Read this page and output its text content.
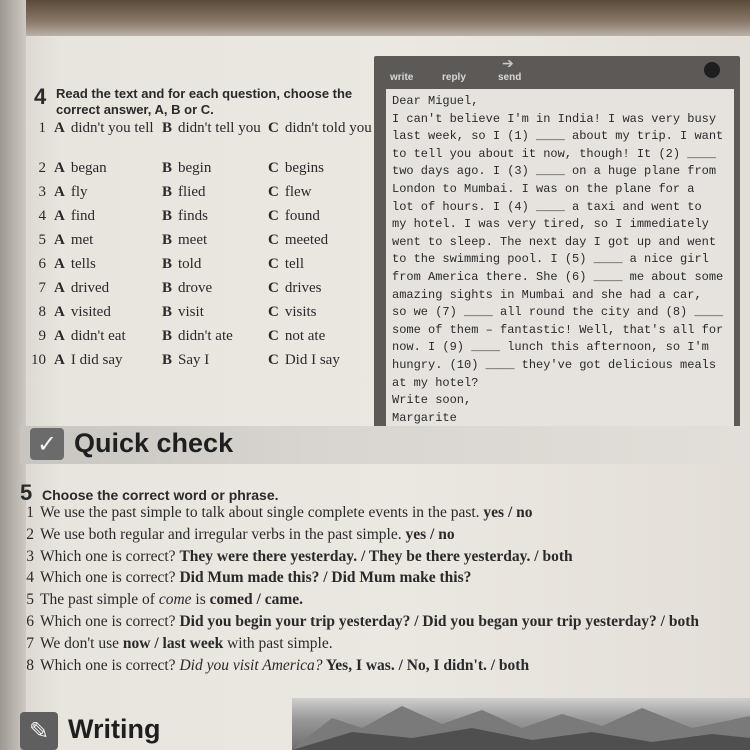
4 Read the text and for each question, choose the correct answer, A, B or C.
1 A didn't you tell B didn't tell you C didn't told you
2 A began	B begin	C begins
3 A fly	B flied	C flew
4 A find	B finds	C found
5 A met	B meet	C meeted
6 A tells	B told	C tell
7 A drived	B drove	C drives
8 A visited	B visit	C visits
9 A didn't eat	B didn't ate	C not ate
10 A I did say	B Say I	C Did I say
write	reply
➔
send
Dear Miguel,
I can't believe I'm in India! I was very busy
last week, so I (1) ____ about my trip. I want
to tell you about it now, though! It (2) ____
two days ago. I (3) ____ on a huge plane from
London to Mumbai. I was on the plane for a
lot of hours. I (4) ____ a taxi and went to
my hotel. I was very tired, so I immediately
went to sleep. The next day I got up and went
to the swimming pool. I (5) ____ a nice girl
from America there. She (6) ____ me about some
amazing sights in Mumbai and she had a car,
so we (7) ____ all round the city and (8) ____
some of them – fantastic! Well, that's all for
now. I (9) ____ lunch this afternoon, so I'm
hungry. (10) ____ they've got delicious meals
at my hotel?
Write soon,
Margarite
✓ Quick check
5 Choose the correct word or phrase.
1 We use the past simple to talk about single complete events in the past. yes / no
2 We use both regular and irregular verbs in the past simple. yes / no
3 Which one is correct? They were there yesterday. / They be there yesterday. / both
4 Which one is correct? Did Mum made this? / Did Mum make this?
5 The past simple of come is comed / came.
6 Which one is correct? Did you begin your trip yesterday? / Did you began your trip yesterday? / both
7 We don't use now / last week with past simple.
8 Which one is correct? Did you visit America? Yes, I was. / No, I didn't. / both
✎ Writing
